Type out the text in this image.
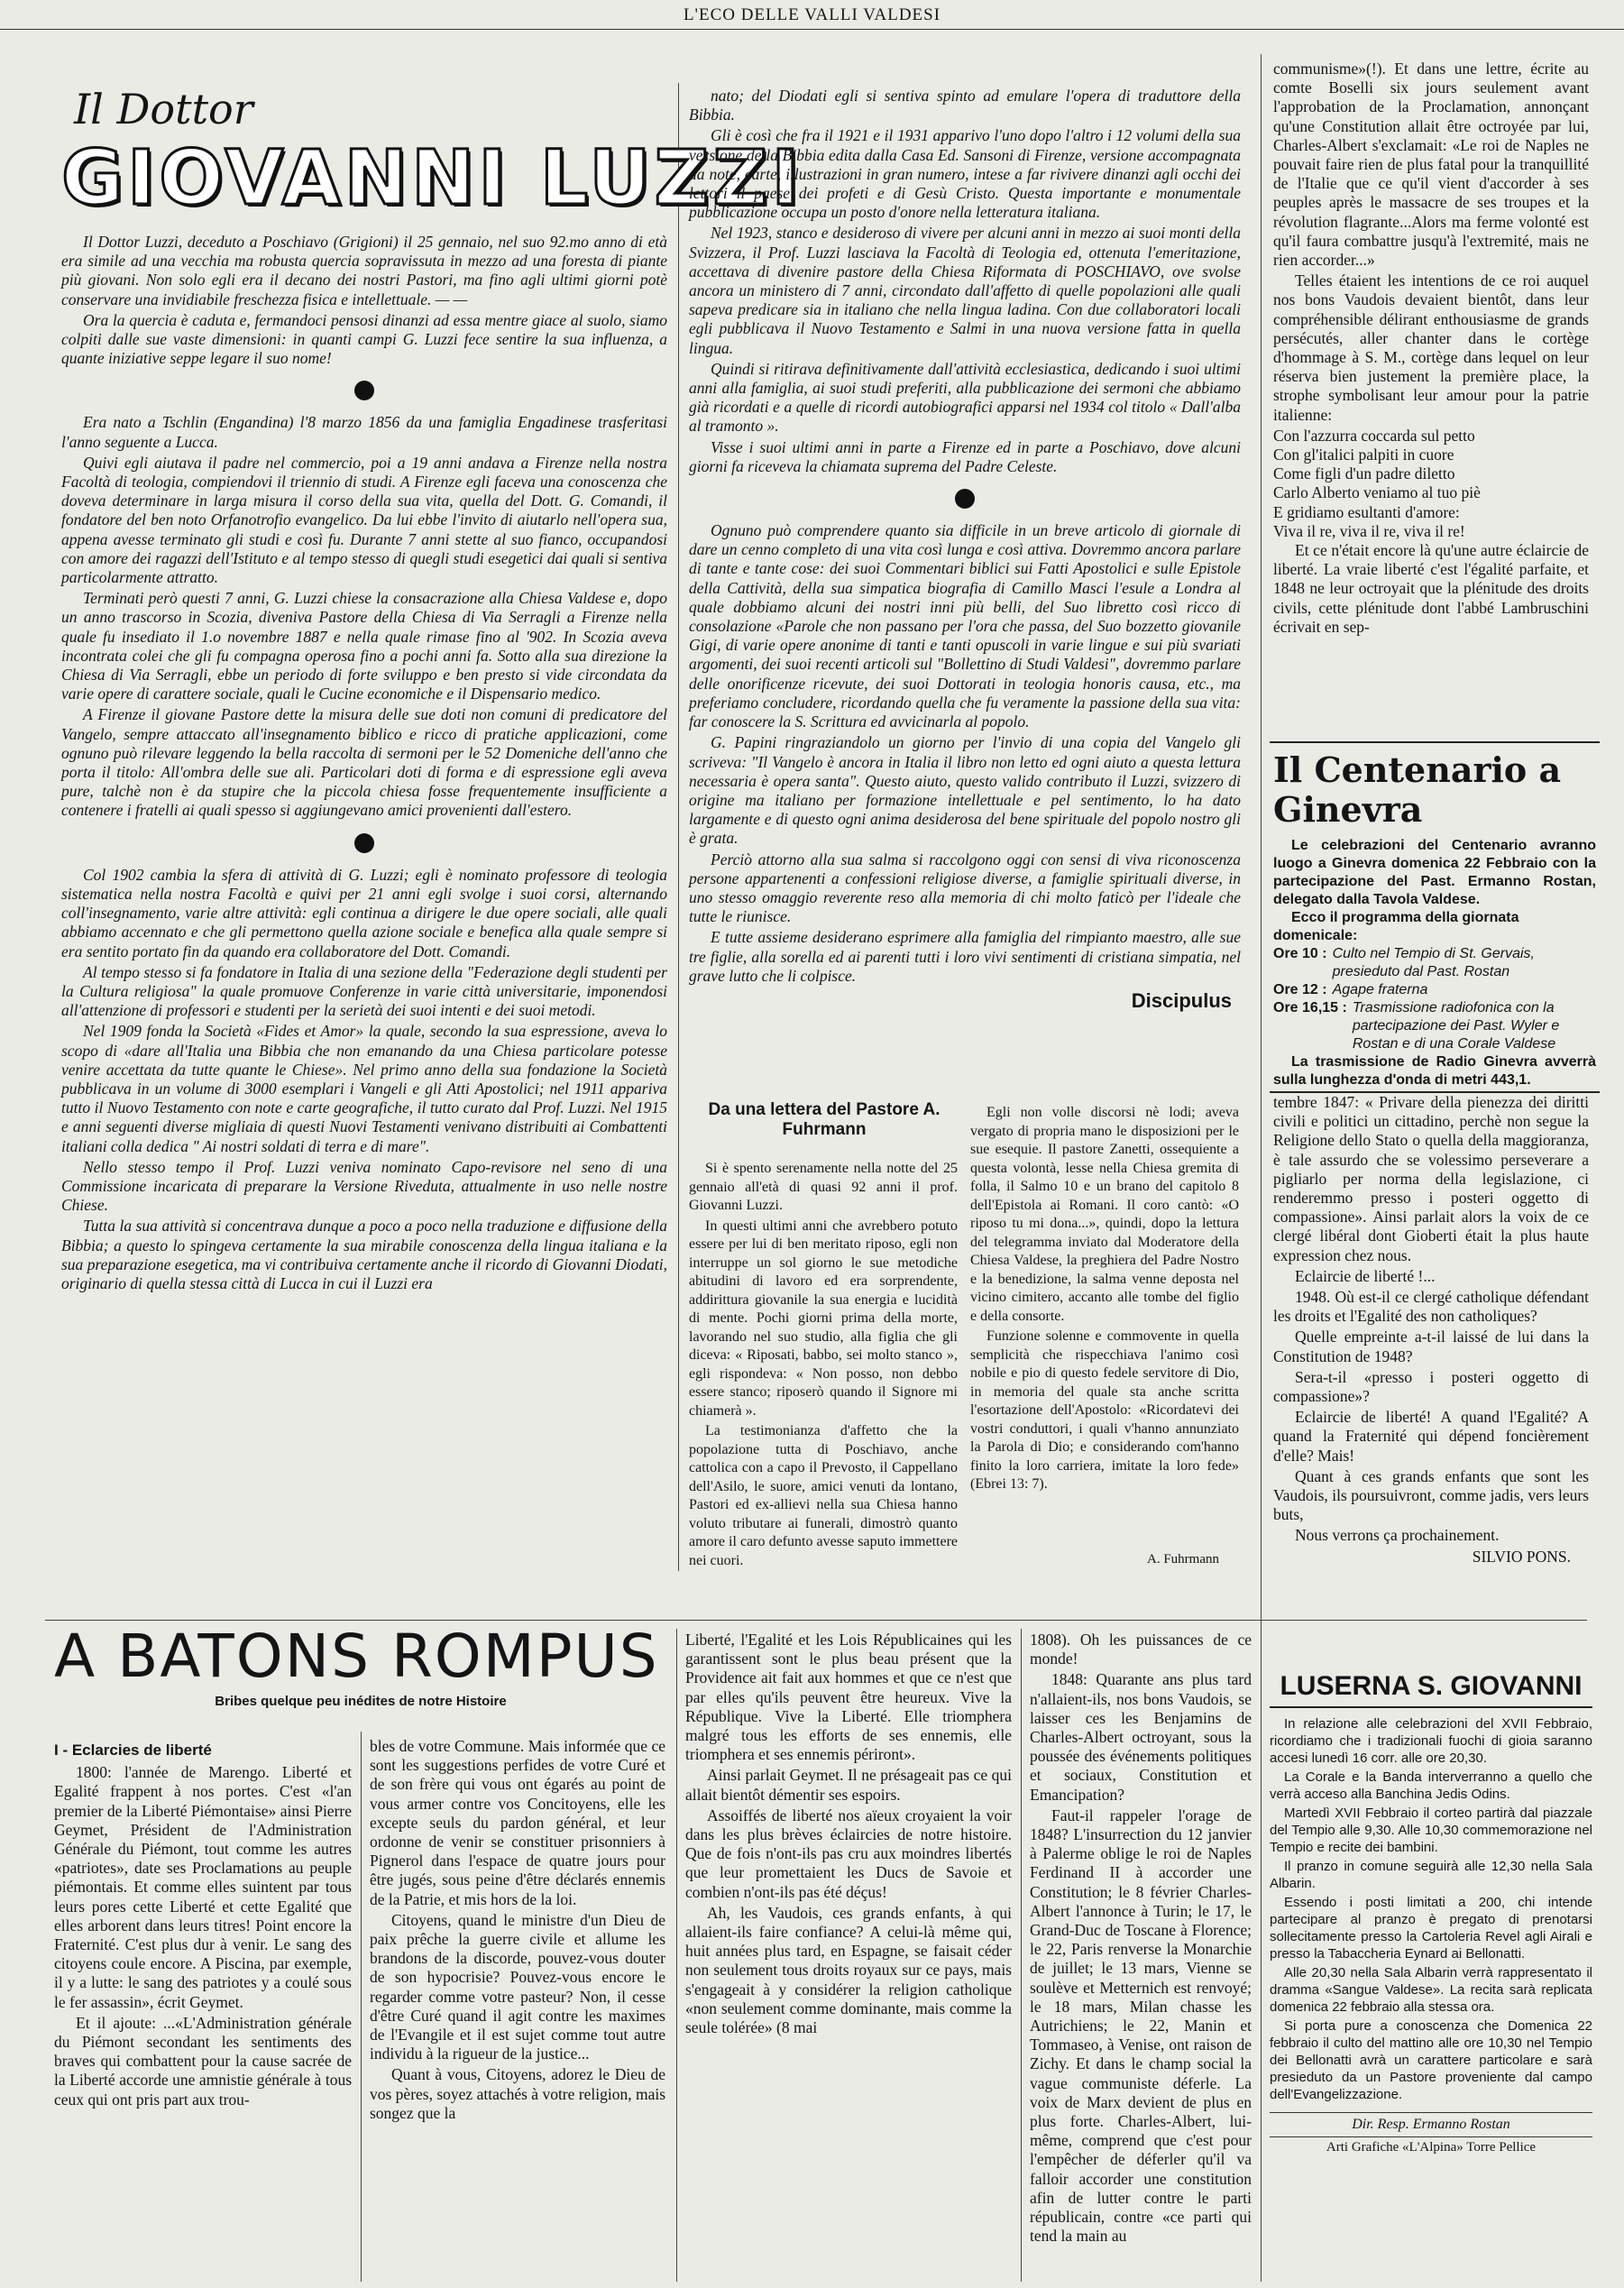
L'ECO DELLE VALLI VALDESI
Il Dottor
GIOVANNI LUZZI

Il Dottor Luzzi, deceduto a Poschiavo (Grigioni) il 25 gennaio, nel suo 92.mo anno di età era simile ad una vecchia ma robusta quercia sopravissuta in mezzo ad una foresta di piante più giovani. Non solo egli era il decano dei nostri Pastori, ma fino agli ultimi giorni potè conservare una invidiabile freschezza fisica e intellettuale. — —

Ora la quercia è caduta e, fermandoci pensosi dinanzi ad essa mentre giace al suolo, siamo colpiti dalle sue vaste dimensioni: in quanti campi G. Luzzi fece sentire la sua influenza, a quante iniziative seppe legare il suo nome!

Era nato a Tschlin (Engandina) l'8 marzo 1856 da una famiglia Engadinese trasferitasi l'anno seguente a Lucca.

Quivi egli aiutava il padre nel commercio, poi a 19 anni andava a Firenze nella nostra Facoltà di teologia, compiendovi il triennio di studi. A Firenze egli faceva una conoscenza che doveva determinare in larga misura il corso della sua vita, quella del Dott. G. Comandi, il fondatore del ben noto Orfanotrofio evangelico. Da lui ebbe l'invito di aiutarlo nell'opera sua, appena avesse terminato gli studi e così fu. Durante 7 anni stette al suo fianco, occupandosi con amore dei ragazzi dell'Istituto e al tempo stesso di quegli studi esegetici dai quali si sentiva particolarmente attratto.

Terminati però questi 7 anni, G. Luzzi chiese la consacrazione alla Chiesa Valdese e, dopo un anno trascorso in Scozia, diveniva Pastore della Chiesa di Via Serragli a Firenze nella quale fu insediato il 1.o novembre 1887 e nella quale rimase fino al '902. In Scozia aveva incontrata colei che gli fu compagna operosa fino a pochi anni fa. Sotto alla sua direzione la Chiesa di Via Serragli, ebbe un periodo di forte sviluppo e ben presto si vide circondata da varie opere di carattere sociale, quali le Cucine economiche e il Dispensario medico.

A Firenze il giovane Pastore dette la misura delle sue doti non comuni di predicatore del Vangelo, sempre attaccato all'insegnamento biblico e ricco di pratiche applicazioni, come ognuno può rilevare leggendo la bella raccolta di sermoni per le 52 Domeniche dell'anno che porta il titolo: All'ombra delle sue ali. Particolari doti di forma e di espressione egli aveva pure, talchè non è da stupire che la piccola chiesa fosse frequentemente insufficiente a contenere i fratelli ai quali spesso si aggiungevano amici provenienti dall'estero.

Col 1902 cambia la sfera di attività di G. Luzzi; egli è nominato professore di teologia sistematica nella nostra Facoltà e quivi per 21 anni egli svolge i suoi corsi, alternando coll'insegnamento, varie altre attività: egli continua a dirigere le due opere sociali, alle quali abbiamo accennato e che gli permettono quella azione sociale e benefica alla quale sempre si era sentito portato fin da quando era collaboratore del Dott. Comandi.

Al tempo stesso si fa fondatore in Italia di una sezione della "Federazione degli studenti per la Cultura religiosa" la quale promuove Conferenze in varie città universitarie, imponendosi all'attenzione di professori e studenti per la serietà dei suoi intenti e dei suoi metodi.

Nel 1909 fonda la Società «Fides et Amor» la quale, secondo la sua espressione, aveva lo scopo di «dare all'Italia una Bibbia che non emanando da una Chiesa particolare potesse venire accettata da tutte quante le Chiese». Nel primo anno della sua fondazione la Società pubblicava in un volume di 3000 esemplari i Vangeli e gli Atti Apostolici; nel 1911 appariva tutto il Nuovo Testamento con note e carte geografiche, il tutto curato dal Prof. Luzzi. Nel 1915 e anni seguenti diverse migliaia di questi Nuovi Testamenti venivano distribuiti ai Combattenti italiani colla dedica " Ai nostri soldati di terra e di mare".

Nello stesso tempo il Prof. Luzzi veniva nominato Capo-revisore nel seno di una Commissione incaricata di preparare la Versione Riveduta, attualmente in uso nelle nostre Chiese.

Tutta la sua attività si concentrava dunque a poco a poco nella traduzione e diffusione della Bibbia; a questo lo spingeva certamente la sua mirabile conoscenza della lingua italiana e la sua preparazione esegetica, ma vi contribuiva certamente anche il ricordo di Giovanni Diodati, originario di quella stessa città di Lucca in cui il Luzzi era

nato; del Diodati egli si sentiva spinto ad emulare l'opera di traduttore della Bibbia.

Gli è così che fra il 1921 e il 1931 apparivo l'uno dopo l'altro i 12 volumi della sua versione della Bibbia edita dalla Casa Ed. Sansoni di Firenze, versione accompagnata da note, carte, illustrazioni in gran numero, intese a far rivivere dinanzi agli occhi dei lettori il paese dei profeti e di Gesù Cristo. Questa importante e monumentale pubblicazione occupa un posto d'onore nella letteratura italiana.

Nel 1923, stanco e desideroso di vivere per alcuni anni in mezzo ai suoi monti della Svizzera, il Prof. Luzzi lasciava la Facoltà di Teologia ed, ottenuta l'emeritazione, accettava di divenire pastore della Chiesa Riformata di POSCHIAVO, ove svolse ancora un ministero di 7 anni, circondato dall'affetto di quelle popolazioni alle quali sapeva predicare sia in italiano che nella lingua ladina. Con due collaboratori locali egli pubblicava il Nuovo Testamento e Salmi in una nuova versione fatta in quella lingua.

Quindi si ritirava definitivamente dall'attività ecclesiastica, dedicando i suoi ultimi anni alla famiglia, ai suoi studi preferiti, alla pubblicazione dei sermoni che abbiamo già ricordati e a quelle di ricordi autobiografici apparsi nel 1934 col titolo « Dall'alba al tramonto ».

Visse i suoi ultimi anni in parte a Firenze ed in parte a Poschiavo, dove alcuni giorni fa riceveva la chiamata suprema del Padre Celeste.

Ognuno può comprendere quanto sia difficile in un breve articolo di giornale di dare un cenno completo di una vita così lunga e così attiva. Dovremmo ancora parlare di tante e tante cose: dei suoi Commentari biblici sui Fatti Apostolici e sulle Epistole della Cattività, della sua simpatica biografia di Camillo Masci l'esule a Londra al quale dobbiamo alcuni dei nostri inni più belli, del Suo libretto così ricco di consolazione «Parole che non passano per l'ora che passa, del Suo bozzetto giovanile Gigi, di varie opere anonime di tanti e tanti opuscoli in varie lingue e sui più svariati argomenti, dei suoi recenti articoli sul "Bollettino di Studi Valdesi", dovremmo parlare delle onorificenze ricevute, dei suoi Dottorati in teologia honoris causa, etc., ma preferiamo concludere, ricordando quella che fu veramente la passione della sua vita: far conoscere la S. Scrittura ed avvicinarla al popolo.

G. Papini ringraziandolo un giorno per l'invio di una copia del Vangelo gli scriveva: "Il Vangelo è ancora in Italia il libro non letto ed ogni aiuto a questa lettura necessaria è opera santa". Questo aiuto, questo valido contributo il Luzzi, svizzero di origine ma italiano per formazione intellettuale e pel sentimento, lo ha dato largamente e di questo ogni anima desiderosa del bene spirituale del popolo nostro gli è grata.

Perciò attorno alla sua salma si raccolgono oggi con sensi di viva riconoscenza persone appartenenti a confessioni religiose diverse, a famiglie spirituali diverse, in uno stesso omaggio reverente reso alla memoria di chi molto faticò per l'ideale che tutte le riunisce.

E tutte assieme desiderano esprimere alla famiglia del rimpianto maestro, alle sue tre figlie, alla sorella ed ai parenti tutti i loro vivi sentimenti di cristiana simpatia, nel grave lutto che li colpisce.

Discipulus
Da una lettera del Pastore A. Fuhrmann

Si è spento serenamente nella notte del 25 gennaio all'età di quasi 92 anni il prof. Giovanni Luzzi.

In questi ultimi anni che avrebbero potuto essere per lui di ben meritato riposo, egli non interruppe un sol giorno le sue metodiche abitudini di lavoro ed era sorprendente, addirittura giovanile la sua energia e lucidità di mente. Pochi giorni prima della morte, lavorando nel suo studio, alla figlia che gli diceva: « Riposati, babbo, sei molto stanco », egli rispondeva: « Non posso, non debbo essere stanco; riposerò quando il Signore mi chiamerà ».

La testimonianza d'affetto che la popolazione tutta di Poschiavo, anche cattolica con a capo il Prevosto, il Cappellano dell'Asilo, le suore, amici venuti da lontano, Pastori ed ex-allievi nella sua Chiesa hanno voluto tributare ai funerali, dimostrò quanto amore il caro defunto avesse saputo immettere nei cuori.

Egli non volle discorsi nè lodi; aveva vergato di propria mano le disposizioni per le sue esequie. Il pastore Zanetti, ossequiente a questa volontà, lesse nella Chiesa gremita di folla, il Salmo 10 e un brano del capitolo 8 dell'Epistola ai Romani. Il coro cantò: «O riposo tu mi dona...», quindi, dopo la lettura del telegramma inviato dal Moderatore della Chiesa Valdese, la preghiera del Padre Nostro e la benedizione, la salma venne deposta nel vicino cimitero, accanto alle tombe del figlio e della consorte.

Funzione solenne e commovente in quella semplicità che rispecchiava l'animo così nobile e pio di questo fedele servitore di Dio, in memoria del quale sta anche scritta l'esortazione dell'Apostolo: «Ricordatevi dei vostri conduttori, i quali v'hanno annunziato la Parola di Dio; e considerando com'hanno finito la loro carriera, imitate la loro fede» (Ebrei 13: 7).

A. Fuhrmann

communisme»(!). Et dans une lettre, écrite au comte Boselli six jours seulement avant l'approbation de la Proclamation, annonçant qu'une Constitution allait être octroyée par lui, Charles-Albert s'exclamait: «Le roi de Naples ne pouvait faire rien de plus fatal pour la tranquillité de l'Italie que ce qu'il vient d'accorder à ses peuples après le massacre de ses troupes et la révolution flagrante...Alors ma ferme volonté est qu'il faura combattre jusqu'à l'extremité, mais ne rien accorder...»

Telles étaient les intentions de ce roi auquel nos bons Vaudois devaient bientôt, dans leur compréhensible délirant enthousiasme de grands persécutés, aller chanter dans le cortège d'hommage à S. M., cortège dans lequel on leur réserva bien justement la première place, la strophe symbolisant leur amour pour la patrie italienne:

Con l'azzurra coccarda sul petto
Con gl'italici palpiti in cuore
Come figli d'un padre diletto
Carlo Alberto veniamo al tuo piè
E gridiamo esultanti d'amore:
Viva il re, viva il re, viva il re!

Et ce n'était encore là qu'une autre éclaircie de liberté. La vraie liberté c'est l'égalité parfaite, et 1848 ne leur octroyait que la plénitude des droits civils, cette plénitude dont l'abbé Lambruschini écrivait en sep-

Il Centenario a Ginevra
Le celebrazioni del Centenario avranno luogo a Ginevra domenica 22 Febbraio con la partecipazione del Past. Ermanno Rostan, delegato dalla Tavola Valdese.
Ecco il programma della giornata domenicale:
Ore 10 : Culto nel Tempio di St. Gervais, presieduto dal Past. Rostan
Ore 12 : Agape fraterna
Ore 16,15 : Trasmissione radiofonica con la partecipazione dei Past. Wyler e Rostan e di una Corale Valdese
La trasmissione de Radio Ginevra avverrà sulla lunghezza d'onda di metri 443,1.

tembre 1847: « Privare della pienezza dei diritti civili e politici un cittadino, perchè non segue la Religione dello Stato o quella della maggioranza, è tale assurdo che se volessimo perseverare a pigliarlo per norma della legislazione, ci renderemmo presso i posteri oggetto di compassione». Ainsi parlait alors la voix de ce clergé libéral dont Gioberti était la plus haute expression chez nous.

Eclaircie de liberté !...

1948. Où est-il ce clergé catholique défendant les droits et l'Egalité des non catholiques?

Quelle empreinte a-t-il laissé de lui dans la Constitution de 1948?

Sera-t-il «presso i posteri oggetto di compassione»?

Eclaircie de liberté! A quand l'Egalité? A quand la Fraternité qui dépend foncièrement d'elle? Mais!

Quant à ces grands enfants que sont les Vaudois, ils poursuivront, comme jadis, vers leurs buts,

Nous verrons ça prochainement.

SILVIO PONS.
A BATONS ROMPUS
Bribes quelque peu inédites de notre Histoire
I - Eclarcies de liberté

1800: l'année de Marengo. Liberté et Egalité frappent à nos portes. C'est «l'an premier de la Liberté Piémontaise» ainsi Pierre Geymet, Président de l'Administration Générale du Piémont, tout comme les autres «patriotes», date ses Proclamations au peuple piémontais. Et comme elles suintent par tous leurs pores cette Liberté et cette Egalité que elles arborent dans leurs titres! Point encore la Fraternité. C'est plus dur à venir. Le sang des citoyens coule encore. A Piscina, par exemple, il y a lutte: le sang des patriotes y a coulé sous le fer assassin», écrit Geymet.

Et il ajoute: ...«L'Administration générale du Piémont secondant les sentiments des braves qui combattent pour la cause sacrée de la Liberté accorde une amnistie générale à tous ceux qui ont pris part aux trou-

bles de votre Commune. Mais informée que ce sont les suggestions perfides de votre Curé et de son frère qui vous ont égarés au point de vous armer contre vos Concitoyens, elle les excepte seuls du pardon général, et leur ordonne de venir se constituer prisonniers à Pignerol dans l'espace de quatre jours pour être jugés, sous peine d'être déclarés ennemis de la Patrie, et mis hors de la loi.

Citoyens, quand le ministre d'un Dieu de paix prêche la guerre civile et allume les brandons de la discorde, pouvez-vous douter de son hypocrisie? Pouvez-vous encore le regarder comme votre pasteur? Non, il cesse d'être Curé quand il agit contre les maximes de l'Evangile et il est sujet comme tout autre individu à la rigueur de la justice...

Quant à vous, Citoyens, adorez le Dieu de vos pères, soyez attachés à votre religion, mais songez que la

Liberté, l'Egalité et les Lois Républicaines qui les garantissent sont le plus beau présent que la Providence ait fait aux hommes et que ce n'est que par elles qu'ils peuvent être heureux. Vive la République. Vive la Liberté. Elle triomphera malgré tous les efforts de ses ennemis, elle triomphera et ses ennemis périront».

Ainsi parlait Geymet. Il ne présageait pas ce qui allait bientôt démentir ses espoirs.

Assoiffés de liberté nos aïeux croyaient la voir dans les plus brèves éclaircies de notre histoire. Que de fois n'ont-ils pas cru aux moindres libertés que leur promettaient les Ducs de Savoie et combien n'ont-ils pas été déçus!

Ah, les Vaudois, ces grands enfants, à qui allaient-ils faire confiance? A celui-là même qui, huit années plus tard, en Espagne, se faisait céder non seulement tous droits royaux sur ce pays, mais s'engageait à y considérer la religion catholique «non seulement comme dominante, mais comme la seule tolérée» (8 mai

1808). Oh les puissances de ce monde!

1848: Quarante ans plus tard n'allaient-ils, nos bons Vaudois, se laisser ces les Benjamins de Charles-Albert octroyant, sous la poussée des événements politiques et sociaux, Constitution et Emancipation?

Faut-il rappeler l'orage de 1848? L'insurrection du 12 janvier à Palerme oblige le roi de Naples Ferdinand II à accorder une Constitution; le 8 février Charles-Albert l'annonce à Turin; le 17, le Grand-Duc de Toscane à Florence; le 22, Paris renverse la Monarchie de juillet; le 13 mars, Vienne se soulève et Metternich est renvoyé; le 18 mars, Milan chasse les Autrichiens; le 22, Manin et Tommaseo, à Venise, ont raison de Zichy. Et dans le champ social la vague communiste déferle. La voix de Marx devient de plus en plus forte. Charles-Albert, lui-même, comprend que c'est pour l'empêcher de déferler qu'il va falloir accorder une constitution afin de lutter contre le parti républicain, contre «ce parti qui tend la main au

LUSERNA S. GIOVANNI

In relazione alle celebrazioni del XVII Febbraio, ricordiamo che i tradizionali fuochi di gioia saranno accesi lunedì 16 corr. alle ore 20,30.

La Corale e la Banda interverranno a quello che verrà acceso alla Banchina Jedis Odins.

Martedì XVII Febbraio il corteo partirà dal piazzale del Tempio alle 9,30. Alle 10,30 commemorazione nel Tempio e recite dei bambini.

Il pranzo in comune seguirà alle 12,30 nella Sala Albarin.

Essendo i posti limitati a 200, chi intende partecipare al pranzo è pregato di prenotarsi sollecitamente presso la Cartoleria Revel agli Airali e presso la Tabaccheria Eynard ai Bellonatti.

Alle 20,30 nella Sala Albarin verrà rappresentato il dramma «Sangue Valdese». La recita sarà replicata domenica 22 febbraio alla stessa ora.

Si porta pure a conoscenza che Domenica 22 febbraio il culto del mattino alle ore 10,30 nel Tempio dei Bellonatti avrà un carattere particolare e sarà presieduto da un Pastore proveniente dal campo dell'Evangelizzazione.

Dir. Resp. Ermanno Rostan
Arti Grafiche «L'Alpina» Torre Pellice
